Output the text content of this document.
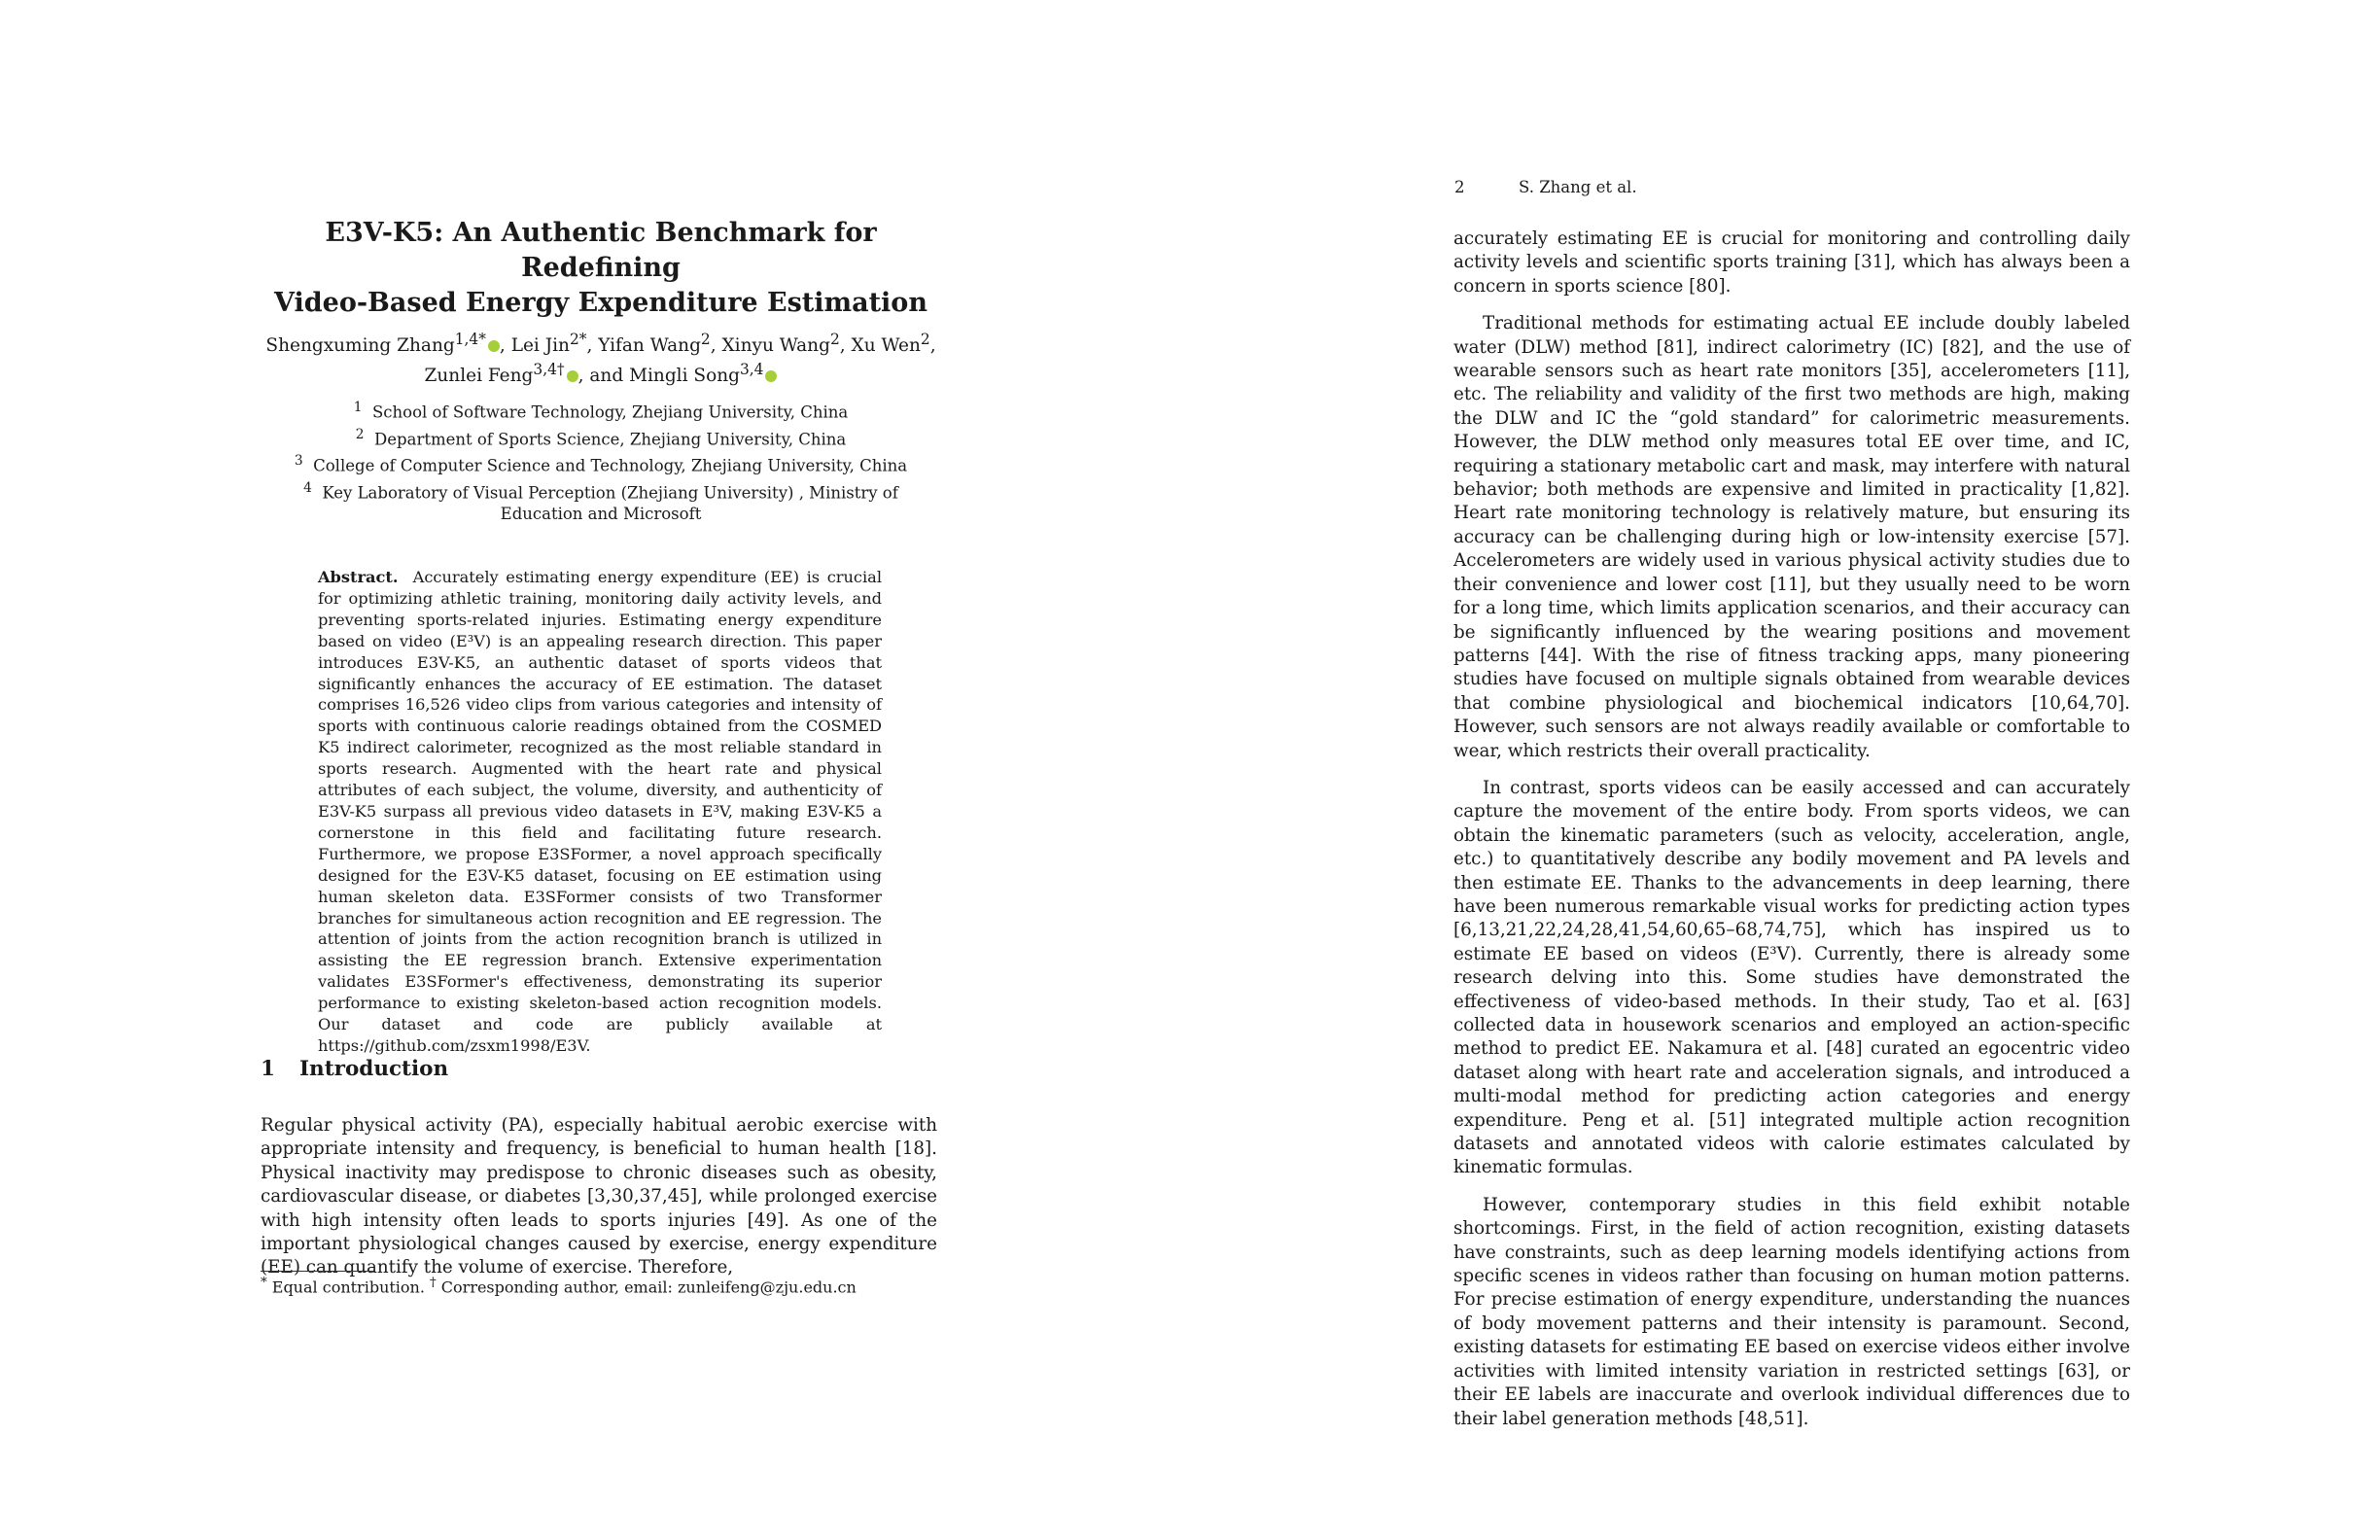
E3V-K5: An Authentic Benchmark for Redefining
Video-Based Energy Expenditure Estimation
Shengxuming Zhang$^{1,4*}$ , Lei Jin$^{2*}$, Yifan Wang$^2$, Xinyu Wang$^2$, Xu Wen$^2$,
Zunlei Feng$^{3,4\dagger}$ , and Mingli Song$^{3,4}$
$^1$ School of Software Technology, Zhejiang University, China
$^2$ Department of Sports Science, Zhejiang University, China
$^3$ College of Computer Science and Technology, Zhejiang University, China
$^4$ Key Laboratory of Visual Perception (Zhejiang University) , Ministry of Education and Microsoft
Abstract. Accurately estimating energy expenditure (EE) is crucial for optimizing athletic training, monitoring daily activity levels, and preventing sports-related injuries. Estimating energy expenditure based on video (E³V) is an appealing research direction. This paper introduces E3V-K5, an authentic dataset of sports videos that significantly enhances the accuracy of EE estimation. The dataset comprises 16,526 video clips from various categories and intensity of sports with continuous calorie readings obtained from the COSMED K5 indirect calorimeter, recognized as the most reliable standard in sports research. Augmented with the heart rate and physical attributes of each subject, the volume, diversity, and authenticity of E3V-K5 surpass all previous video datasets in E³V, making E3V-K5 a cornerstone in this field and facilitating future research. Furthermore, we propose E3SFormer, a novel approach specifically designed for the E3V-K5 dataset, focusing on EE estimation using human skeleton data. E3SFormer consists of two Transformer branches for simultaneous action recognition and EE regression. The attention of joints from the action recognition branch is utilized in assisting the EE regression branch. Extensive experimentation validates E3SFormer's effectiveness, demonstrating its superior performance to existing skeleton-based action recognition models. Our dataset and code are publicly available at https://github.com/zsxm1998/E3V.
1 Introduction

Regular physical activity (PA), especially habitual aerobic exercise with appropriate intensity and frequency, is beneficial to human health [18]. Physical inactivity may predispose to chronic diseases such as obesity, cardiovascular disease, or diabetes [3,30,37,45], while prolonged exercise with high intensity often leads to sports injuries [49]. As one of the important physiological changes caused by exercise, energy expenditure (EE) can quantify the volume of exercise. Therefore,

* Equal contribution. † Corresponding author, email: zunleifeng@zju.edu.cn

2	S. Zhang et al.

accurately estimating EE is crucial for monitoring and controlling daily activity levels and scientific sports training [31], which has always been a concern in sports science [80].

Traditional methods for estimating actual EE include doubly labeled water (DLW) method [81], indirect calorimetry (IC) [82], and the use of wearable sensors such as heart rate monitors [35], accelerometers [11], etc. The reliability and validity of the first two methods are high, making the DLW and IC the “gold standard” for calorimetric measurements. However, the DLW method only measures total EE over time, and IC, requiring a stationary metabolic cart and mask, may interfere with natural behavior; both methods are expensive and limited in practicality [1,82]. Heart rate monitoring technology is relatively mature, but ensuring its accuracy can be challenging during high or low-intensity exercise [57]. Accelerometers are widely used in various physical activity studies due to their convenience and lower cost [11], but they usually need to be worn for a long time, which limits application scenarios, and their accuracy can be significantly influenced by the wearing positions and movement patterns [44]. With the rise of fitness tracking apps, many pioneering studies have focused on multiple signals obtained from wearable devices that combine physiological and biochemical indicators [10,64,70]. However, such sensors are not always readily available or comfortable to wear, which restricts their overall practicality.

In contrast, sports videos can be easily accessed and can accurately capture the movement of the entire body. From sports videos, we can obtain the kinematic parameters (such as velocity, acceleration, angle, etc.) to quantitatively describe any bodily movement and PA levels and then estimate EE. Thanks to the advancements in deep learning, there have been numerous remarkable visual works for predicting action types [6,13,21,22,24,28,41,54,60,65–68,74,75], which has inspired us to estimate EE based on videos (E³V). Currently, there is already some research delving into this. Some studies have demonstrated the effectiveness of video-based methods. In their study, Tao et al. [63] collected data in housework scenarios and employed an action-specific method to predict EE. Nakamura et al. [48] curated an egocentric video dataset along with heart rate and acceleration signals, and introduced a multi-modal method for predicting action categories and energy expenditure. Peng et al. [51] integrated multiple action recognition datasets and annotated videos with calorie estimates calculated by kinematic formulas.

However, contemporary studies in this field exhibit notable shortcomings. First, in the field of action recognition, existing datasets have constraints, such as deep learning models identifying actions from specific scenes in videos rather than focusing on human motion patterns. For precise estimation of energy expenditure, understanding the nuances of body movement patterns and their intensity is paramount. Second, existing datasets for estimating EE based on exercise videos either involve activities with limited intensity variation in restricted settings [63], or their EE labels are inaccurate and overlook individual differences due to their label generation methods [48,51].
